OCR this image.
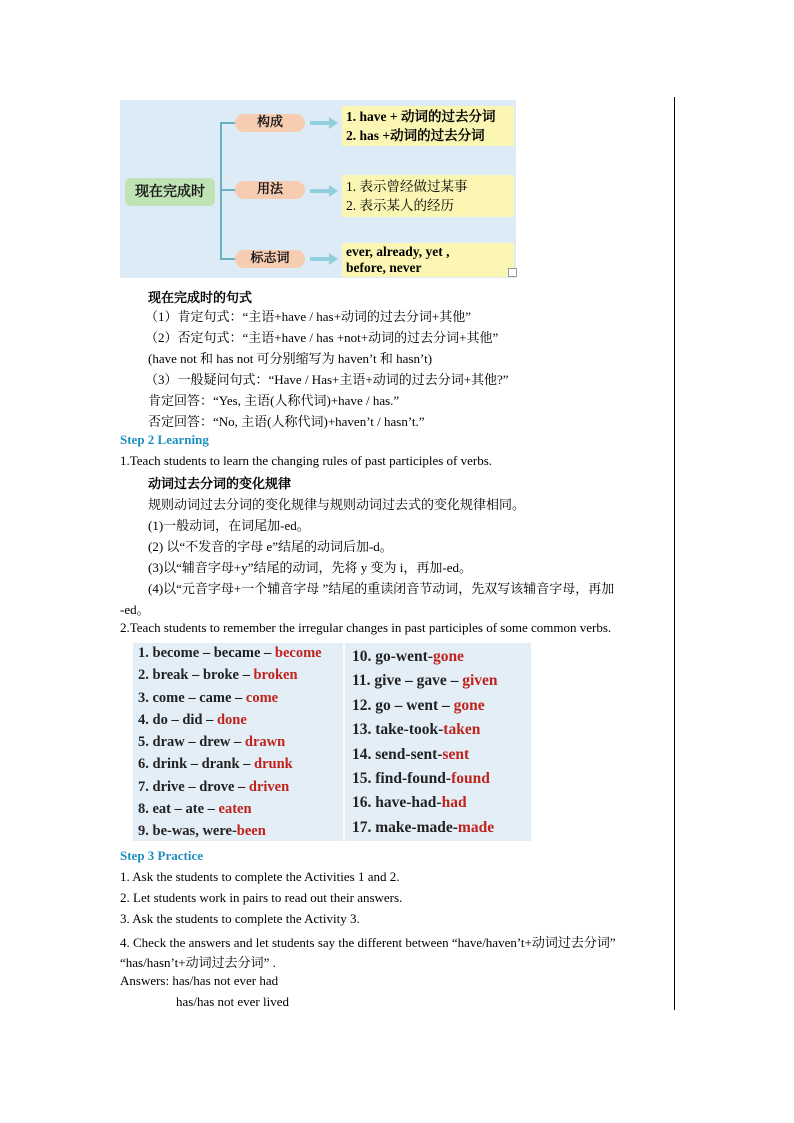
现在完成时
构成
用法
标志词
1. have + 动词的过去分词
2. has +动词的过去分词
1. 表示曾经做过某事
2. 表示某人的经历
ever, already, yet ,
before, never
现在完成时的句式
（1）肯定句式：“主语+have / has+动词的过去分词+其他”
（2）否定句式：“主语+have / has +not+动词的过去分词+其他”
(have not 和 has not 可分别缩写为 haven’t 和 hasn’t)
（3）一般疑问句式：“Have / Has+主语+动词的过去分词+其他?”
肯定回答：“Yes, 主语(人称代词)+have / has.”
否定回答：“No, 主语(人称代词)+haven’t / hasn’t.”
Step 2 Learning
1.Teach students to learn the changing rules of past participles of verbs.
动词过去分词的变化规律
规则动词过去分词的变化规律与规则动词过去式的变化规律相同。
(1)一般动词，在词尾加-ed。
(2) 以“不发音的字母 e”结尾的动词后加-d。
(3)以“辅音字母+y”结尾的动词，先将 y 变为 i，再加-ed。
(4)以“元音字母+一个辅音字母 ”结尾的重读闭音节动词，先双写该辅音字母，再加
-ed。
2.Teach students to remember the irregular changes in past participles of some common verbs.
1. become – became – become
2. break – broke – broken
3. come – came – come
4. do – did – done
5. draw – drew – drawn
6. drink – drank – drunk
7. drive – drove – driven
8. eat – ate – eaten
9. be-was, were-been
10. go-went-gone
11. give – gave – given
12. go – went – gone
13. take-took-taken
14. send-sent-sent
15. find-found-found
16. have-had-had
17. make-made-made
Step 3 Practice
1. Ask the students to complete the Activities 1 and 2.
2. Let students work in pairs to read out their answers.
3. Ask the students to complete the Activity 3.
4. Check the answers and let students say the different between “have/haven’t+动词过去分词”
“has/hasn’t+动词过去分词” .
Answers: has/has not ever had
has/has not ever lived
